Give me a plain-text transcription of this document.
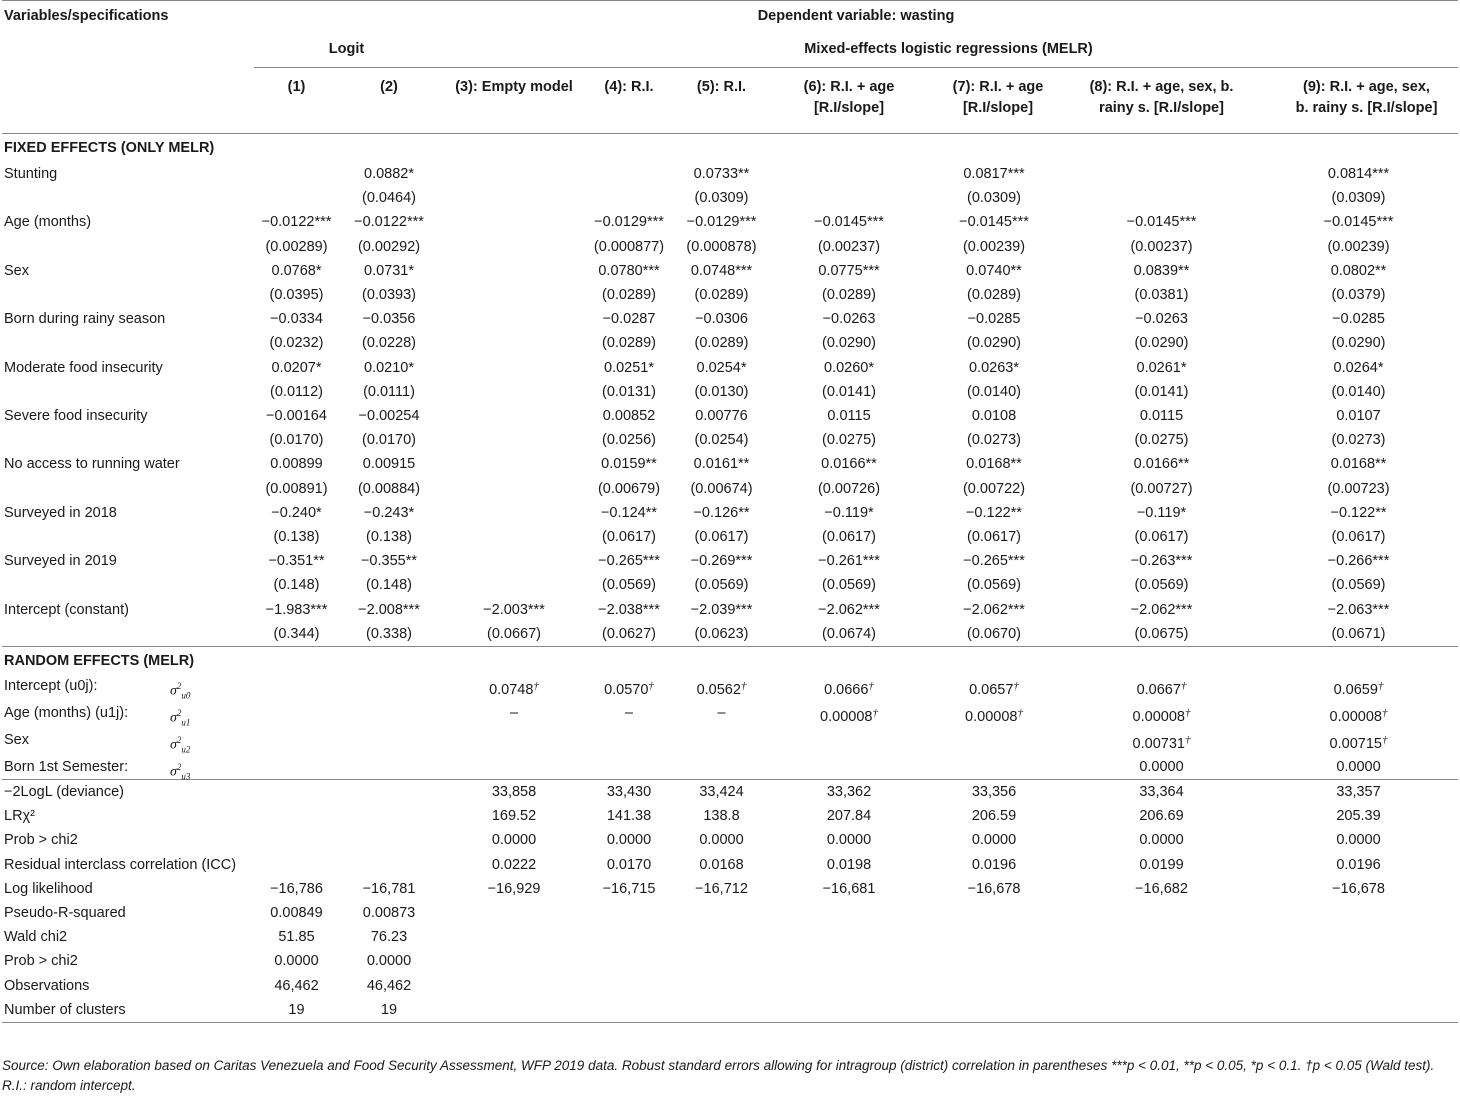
Variables/specifications	Dependent variable: wasting								
	Logit		Mixed-effects logistic regressions (MELR)						
	(1)	(2)	(3): Empty model	(4): R.I.	(5): R.I.	(6): R.I. + age [R.I/slope]	(7): R.I. + age [R.I/slope]	(8): R.I. + age, sex, b. rainy s. [R.I/slope]	(9): R.I. + age, sex, b. rainy s. [R.I/slope]
FIXED EFFECTS (ONLY MELR)									
Stunting		0.0882*			0.0733**		0.0817***		0.0814***
		(0.0464)			(0.0309)		(0.0309)		(0.0309)
Age (months)	−0.0122***	−0.0122***		−0.0129***	−0.0129***	−0.0145***	−0.0145***	−0.0145***	−0.0145***
	(0.00289)	(0.00292)		(0.000877)	(0.000878)	(0.00237)	(0.00239)	(0.00237)	(0.00239)
Sex	0.0768*	0.0731*		0.0780***	0.0748***	0.0775***	0.0740**	0.0839**	0.0802**
	(0.0395)	(0.0393)		(0.0289)	(0.0289)	(0.0289)	(0.0289)	(0.0381)	(0.0379)
Born during rainy season	−0.0334	−0.0356		−0.0287	−0.0306	−0.0263	−0.0285	−0.0263	−0.0285
	(0.0232)	(0.0228)		(0.0289)	(0.0289)	(0.0290)	(0.0290)	(0.0290)	(0.0290)
Moderate food insecurity	0.0207*	0.0210*		0.0251*	0.0254*	0.0260*	0.0263*	0.0261*	0.0264*
	(0.0112)	(0.0111)		(0.0131)	(0.0130)	(0.0141)	(0.0140)	(0.0141)	(0.0140)
Severe food insecurity	−0.00164	−0.00254		0.00852	0.00776	0.0115	0.0108	0.0115	0.0107
	(0.0170)	(0.0170)		(0.0256)	(0.0254)	(0.0275)	(0.0273)	(0.0275)	(0.0273)
No access to running water	0.00899	0.00915		0.0159**	0.0161**	0.0166**	0.0168**	0.0166**	0.0168**
	(0.00891)	(0.00884)		(0.00679)	(0.00674)	(0.00726)	(0.00722)	(0.00727)	(0.00723)
Surveyed in 2018	−0.240*	−0.243*		−0.124**	−0.126**	−0.119*	−0.122**	−0.119*	−0.122**
	(0.138)	(0.138)		(0.0617)	(0.0617)	(0.0617)	(0.0617)	(0.0617)	(0.0617)
Surveyed in 2019	−0.351**	−0.355**		−0.265***	−0.269***	−0.261***	−0.265***	−0.263***	−0.266***
	(0.148)	(0.148)		(0.0569)	(0.0569)	(0.0569)	(0.0569)	(0.0569)	(0.0569)
Intercept (constant)	−1.983***	−2.008***	−2.003***	−2.038***	−2.039***	−2.062***	−2.062***	−2.062***	−2.063***
	(0.344)	(0.338)	(0.0667)	(0.0627)	(0.0623)	(0.0674)	(0.0670)	(0.0675)	(0.0671)
RANDOM EFFECTS (MELR)									
Intercept (u0j): $\sigma^2_{u0}$			0.0748†	0.0570†	0.0562†	0.0666†	0.0657†	0.0667†	0.0659†
Age (months) (u1j): $\sigma^2_{u1}$			–	–	–	0.00008†	0.00008†	0.00008†	0.00008†
Sex $\sigma^2_{u2}$								0.00731†	0.00715†
Born 1st Semester: $\sigma^2_{u3}$								0.0000	0.0000
−2LogL (deviance)			33,858	33,430	33,424	33,362	33,356	33,364	33,357
LRχ²			169.52	141.38	138.8	207.84	206.59	206.69	205.39
Prob > chi2			0.0000	0.0000	0.0000	0.0000	0.0000	0.0000	0.0000
Residual interclass correlation (ICC)			0.0222	0.0170	0.0168	0.0198	0.0196	0.0199	0.0196
Log likelihood	−16,786	−16,781	−16,929	−16,715	−16,712	−16,681	−16,678	−16,682	−16,678
Pseudo-R-squared	0.00849	0.00873							
Wald chi2	51.85	76.23							
Prob > chi2	0.0000	0.0000							
Observations	46,462	46,462							
Number of clusters	19	19							
Source: Own elaboration based on Caritas Venezuela and Food Security Assessment, WFP 2019 data. Robust standard errors allowing for intragroup (district) correlation in parentheses ***p < 0.01, **p < 0.05, *p < 0.1. †p < 0.05 (Wald test). R.I.: random intercept.
